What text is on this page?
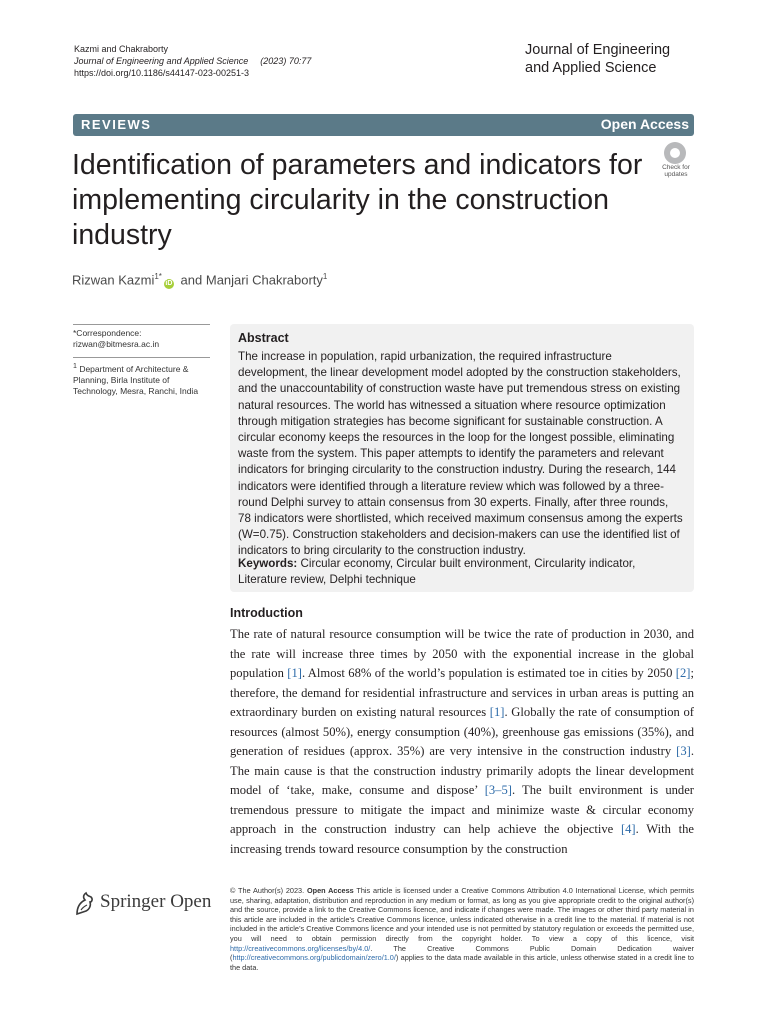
Kazmi and Chakraborty
Journal of Engineering and Applied Science (2023) 70:77
https://doi.org/10.1186/s44147-023-00251-3
Journal of Engineering and Applied Science
REVIEWS	Open Access
Identification of parameters and indicators for implementing circularity in the construction industry
Check for updates
Rizwan Kazmi$^{1*}$iD and Manjari Chakraborty$^1$
*Correspondence:
rizwan@bitmesra.ac.in
$^1$ Department of Architecture & Planning, Birla Institute of Technology, Mesra, Ranchi, India
Abstract
The increase in population, rapid urbanization, the required infrastructure development, the linear development model adopted by the construction stakeholders, and the unaccountability of construction waste have put tremendous stress on existing natural resources. The world has witnessed a situation where resource optimization through mitigation strategies has become significant for sustainable construction. A circular economy keeps the resources in the loop for the longest possible, eliminating waste from the system. This paper attempts to identify the parameters and relevant indicators for bringing circularity to the construction industry. During the research, 144 indicators were identified through a literature review which was followed by a three-round Delphi survey to attain consensus from 30 experts. Finally, after three rounds, 78 indicators were shortlisted, which received maximum consensus among the experts (W=0.75). Construction stakeholders and decision-makers can use the identified list of indicators to bring circularity to the construction industry.
Keywords: Circular economy, Circular built environment, Circularity indicator, Literature review, Delphi technique
Introduction
The rate of natural resource consumption will be twice the rate of production in 2030, and the rate will increase three times by 2050 with the exponential increase in the global population [1]. Almost 68% of the world’s population is estimated toe in cities by 2050 [2]; therefore, the demand for residential infrastructure and services in urban areas is putting an extraordinary burden on existing natural resources [1]. Globally the rate of consumption of resources (almost 50%), energy consumption (40%), greenhouse gas emissions (35%), and generation of residues (approx. 35%) are very intensive in the construction industry [3]. The main cause is that the construction industry primarily adopts the linear development model of ‘take, make, consume and dispose’ [3–5]. The built environment is under tremendous pressure to mitigate the impact and minimize waste & circular economy approach in the construction industry can help achieve the objective [4]. With the increasing trends toward resource consumption by the construction
Springer Open
© The Author(s) 2023. Open Access This article is licensed under a Creative Commons Attribution 4.0 International License, which permits use, sharing, adaptation, distribution and reproduction in any medium or format, as long as you give appropriate credit to the original author(s) and the source, provide a link to the Creative Commons licence, and indicate if changes were made. The images or other third party material in this article are included in the article’s Creative Commons licence, unless indicated otherwise in a credit line to the material. If material is not included in the article’s Creative Commons licence and your intended use is not permitted by statutory regulation or exceeds the permitted use, you will need to obtain permission directly from the copyright holder. To view a copy of this licence, visit http://creativecommons.org/licenses/by/4.0/. The Creative Commons Public Domain Dedication waiver (http://creativecommons.org/publicdomain/zero/1.0/) applies to the data made available in this article, unless otherwise stated in a credit line to the data.
